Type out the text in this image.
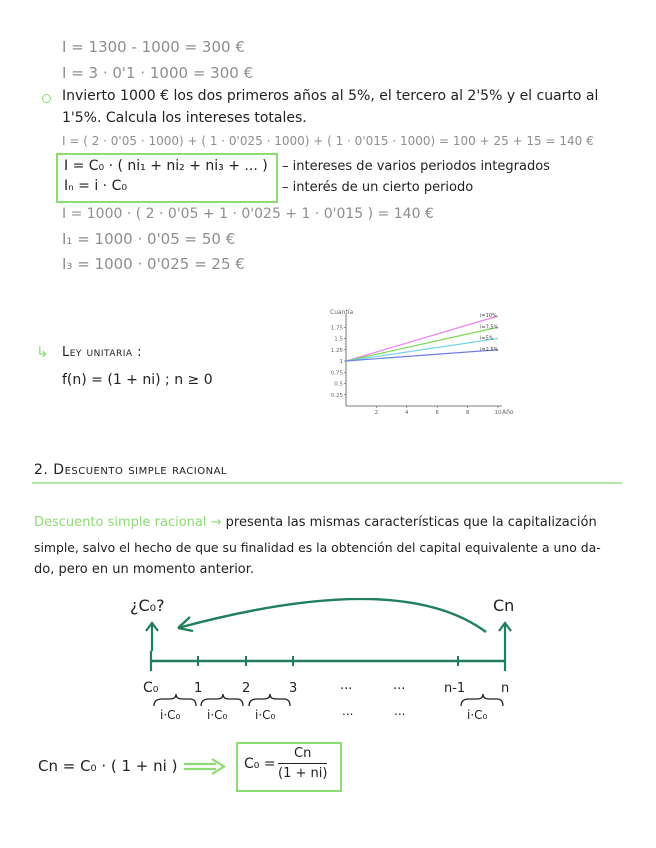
I = 1300 - 1000 = 300 €
I = 3 · 0'1 · 1000 = 300 €
Invierto 1000 € los dos primeros años al 5%, el tercero al 2'5% y el cuarto al
1'5%. Calcula los intereses totales.
I = ( 2 · 0'05 · 1000) + ( 1 · 0'025 · 1000) + ( 1 · 0'015 · 1000) = 100 + 25 + 15 = 140 €
I = C₀ · ( ni₁ + ni₂ + ni₃ + ... )
Iₙ = i · C₀
– intereses de varios periodos integrados
– interés de un cierto periodo
I = 1000 · ( 2 · 0'05 + 1 · 0'025 + 1 · 0'015 ) = 140 €
I₁ = 1000 · 0'05 = 50 €
I₃ = 1000 · 0'025 = 25 €
↳ Ley unitaria :
f(n) = (1 + ni) ; n ≥ 0
Cuantía
Año
2	4	6	8	10
0.25
0.5
0.75
1
1.25
1.5
1.75
i=10%
i=7.5%
i=5%
i=2.5%
2. Descuento simple racional
Descuento simple racional → presenta las mismas características que la capitalización
simple, salvo el hecho de que su finalidad es la obtención del capital equivalente a uno da-
do, pero en un momento anterior.
¿C₀?	Cn
C₀	1	2	3	...	...	n-1	n
i·C₀ i·C₀ i·C₀	...	...	i·C₀
Cn = C₀ · ( 1 + ni )	$C_0 = \frac{Cn}{(1 + ni)}$
